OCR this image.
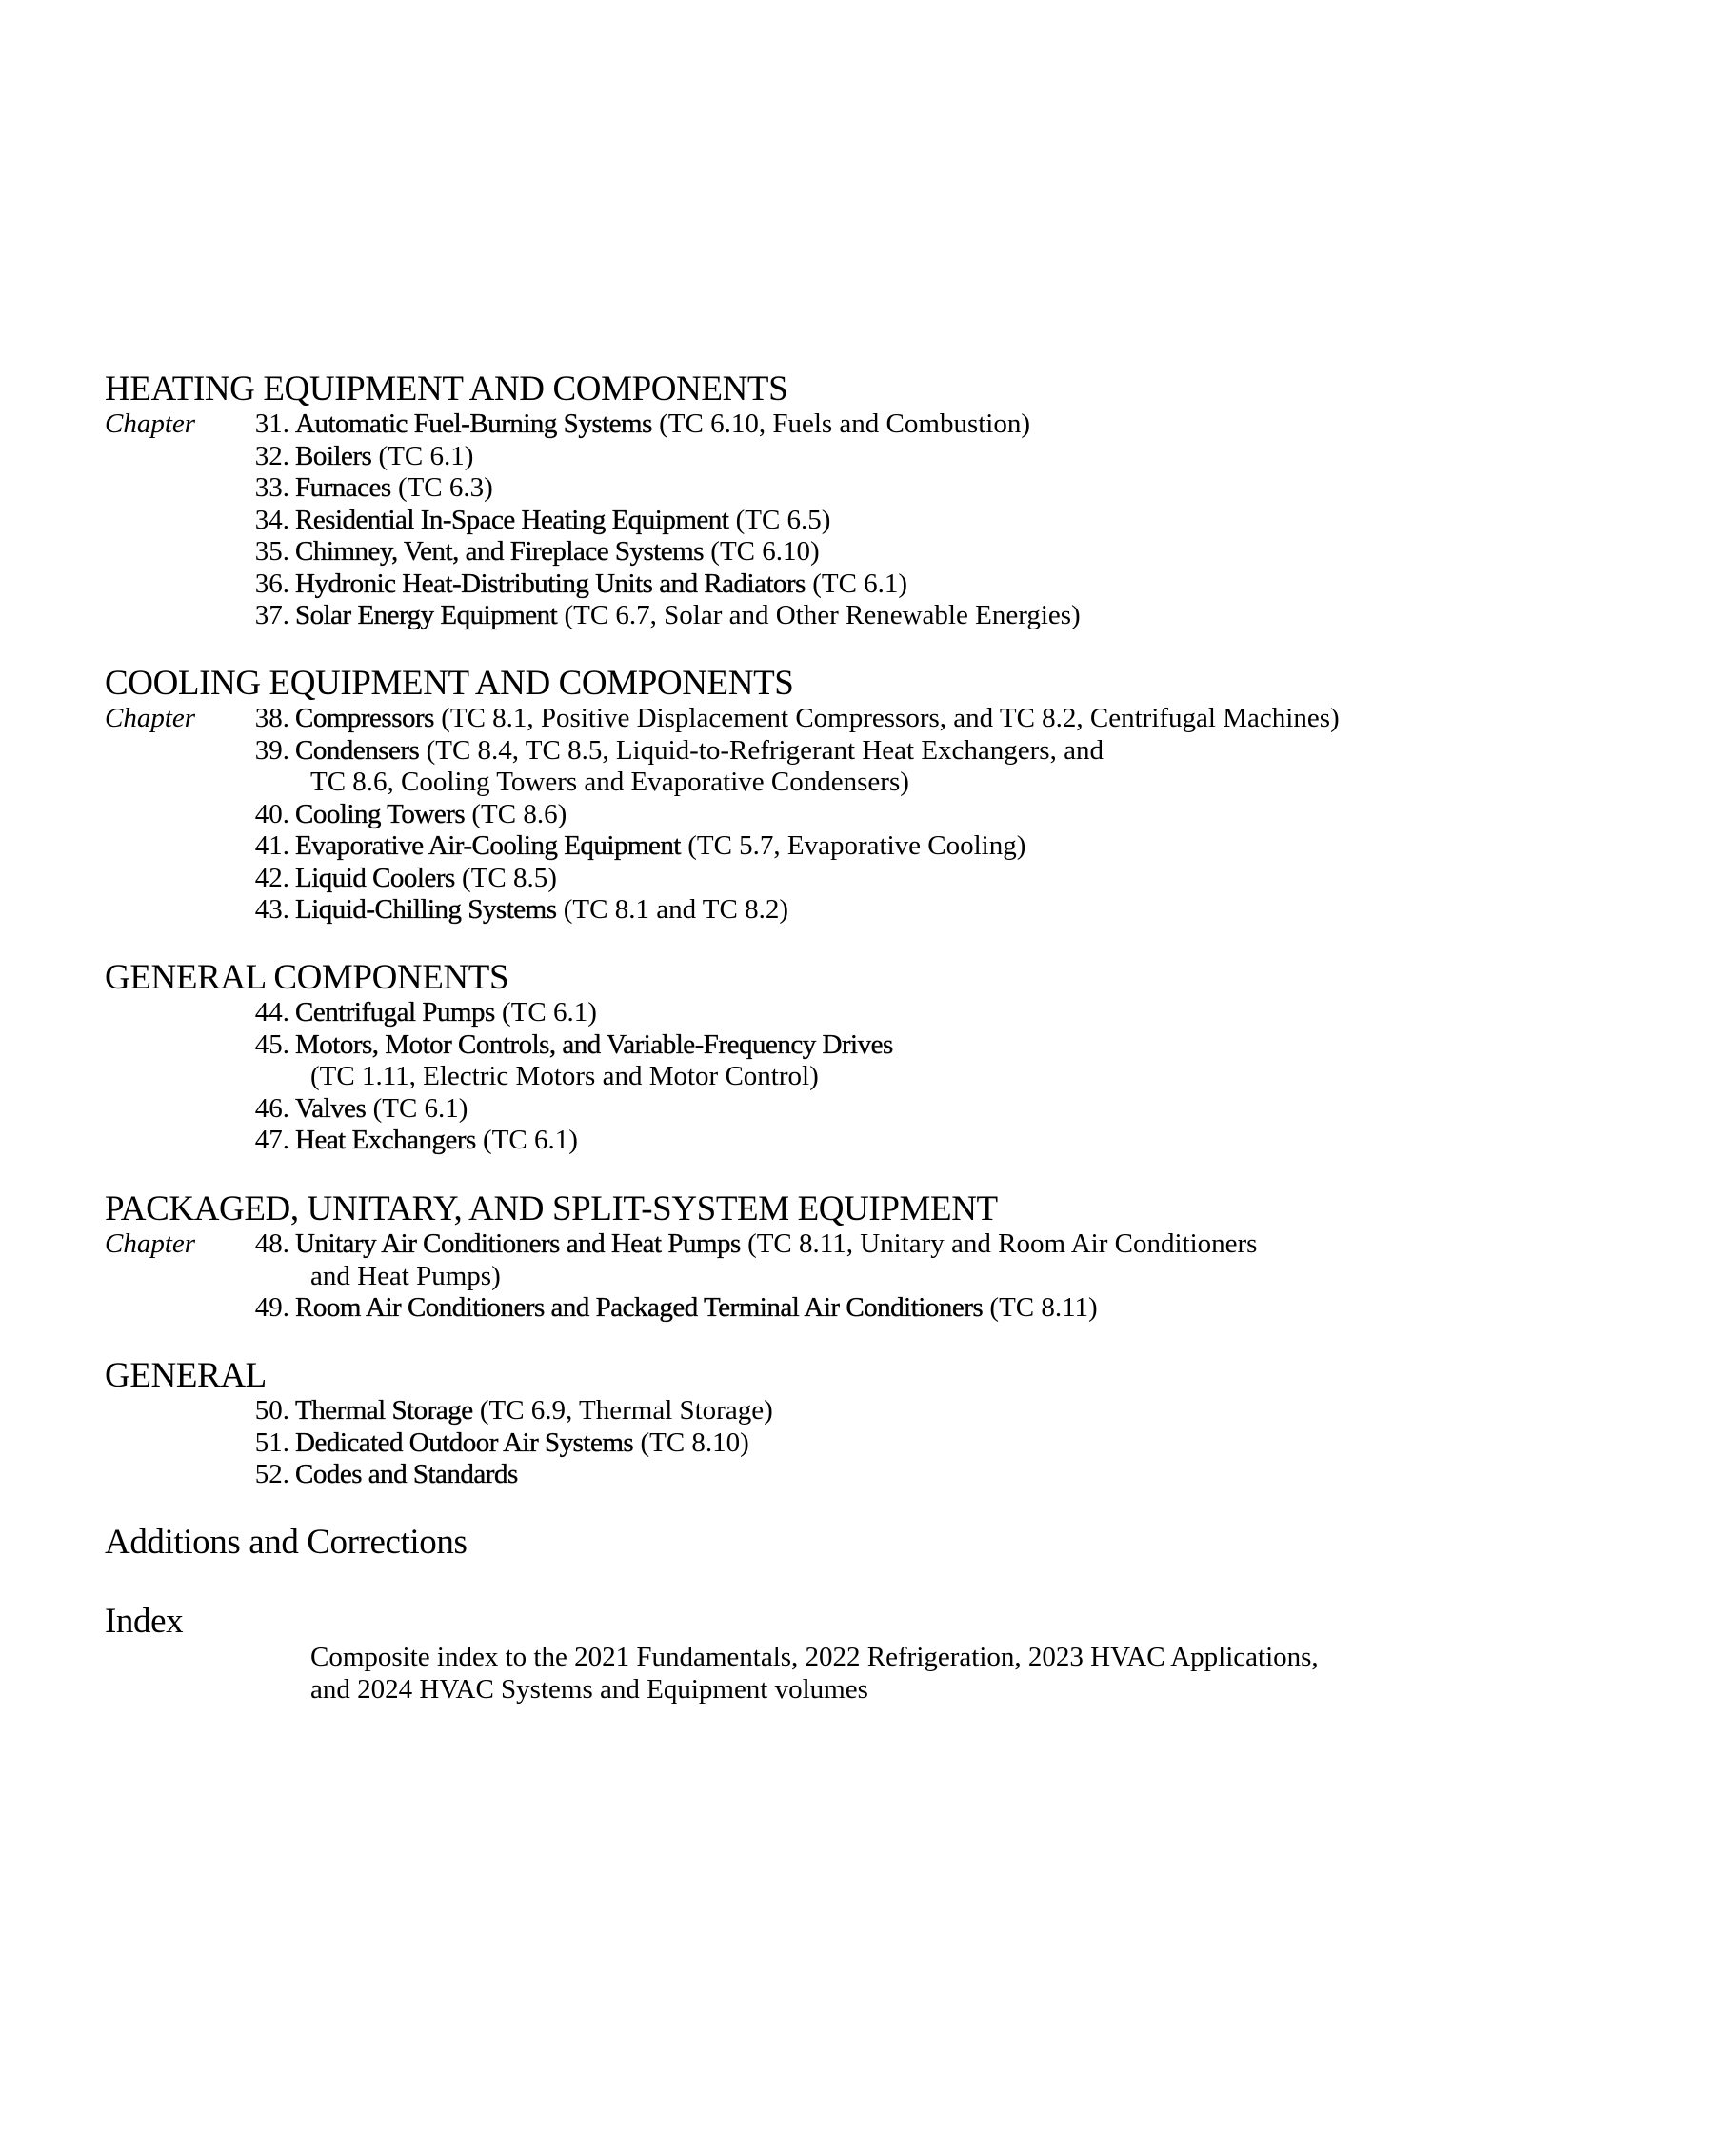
HEATING EQUIPMENT AND COMPONENTS
Chapter	31. Automatic Fuel-Burning Systems (TC 6.10, Fuels and Combustion)
32. Boilers (TC 6.1)
33. Furnaces (TC 6.3)
34. Residential In-Space Heating Equipment (TC 6.5)
35. Chimney, Vent, and Fireplace Systems (TC 6.10)
36. Hydronic Heat-Distributing Units and Radiators (TC 6.1)
37. Solar Energy Equipment (TC 6.7, Solar and Other Renewable Energies)
COOLING EQUIPMENT AND COMPONENTS
Chapter	38. Compressors (TC 8.1, Positive Displacement Compressors, and TC 8.2, Centrifugal Machines)
39. Condensers (TC 8.4, TC 8.5, Liquid-to-Refrigerant Heat Exchangers, and
TC 8.6, Cooling Towers and Evaporative Condensers)
40. Cooling Towers (TC 8.6)
41. Evaporative Air-Cooling Equipment (TC 5.7, Evaporative Cooling)
42. Liquid Coolers (TC 8.5)
43. Liquid-Chilling Systems (TC 8.1 and TC 8.2)
GENERAL COMPONENTS
44. Centrifugal Pumps (TC 6.1)
45. Motors, Motor Controls, and Variable-Frequency Drives
(TC 1.11, Electric Motors and Motor Control)
46. Valves (TC 6.1)
47. Heat Exchangers (TC 6.1)
PACKAGED, UNITARY, AND SPLIT-SYSTEM EQUIPMENT
Chapter	48. Unitary Air Conditioners and Heat Pumps (TC 8.11, Unitary and Room Air Conditioners
and Heat Pumps)
49. Room Air Conditioners and Packaged Terminal Air Conditioners (TC 8.11)
GENERAL
50. Thermal Storage (TC 6.9, Thermal Storage)
51. Dedicated Outdoor Air Systems (TC 8.10)
52. Codes and Standards
Additions and Corrections
Index
Composite index to the 2021 Fundamentals, 2022 Refrigeration, 2023 HVAC Applications,
and 2024 HVAC Systems and Equipment volumes
